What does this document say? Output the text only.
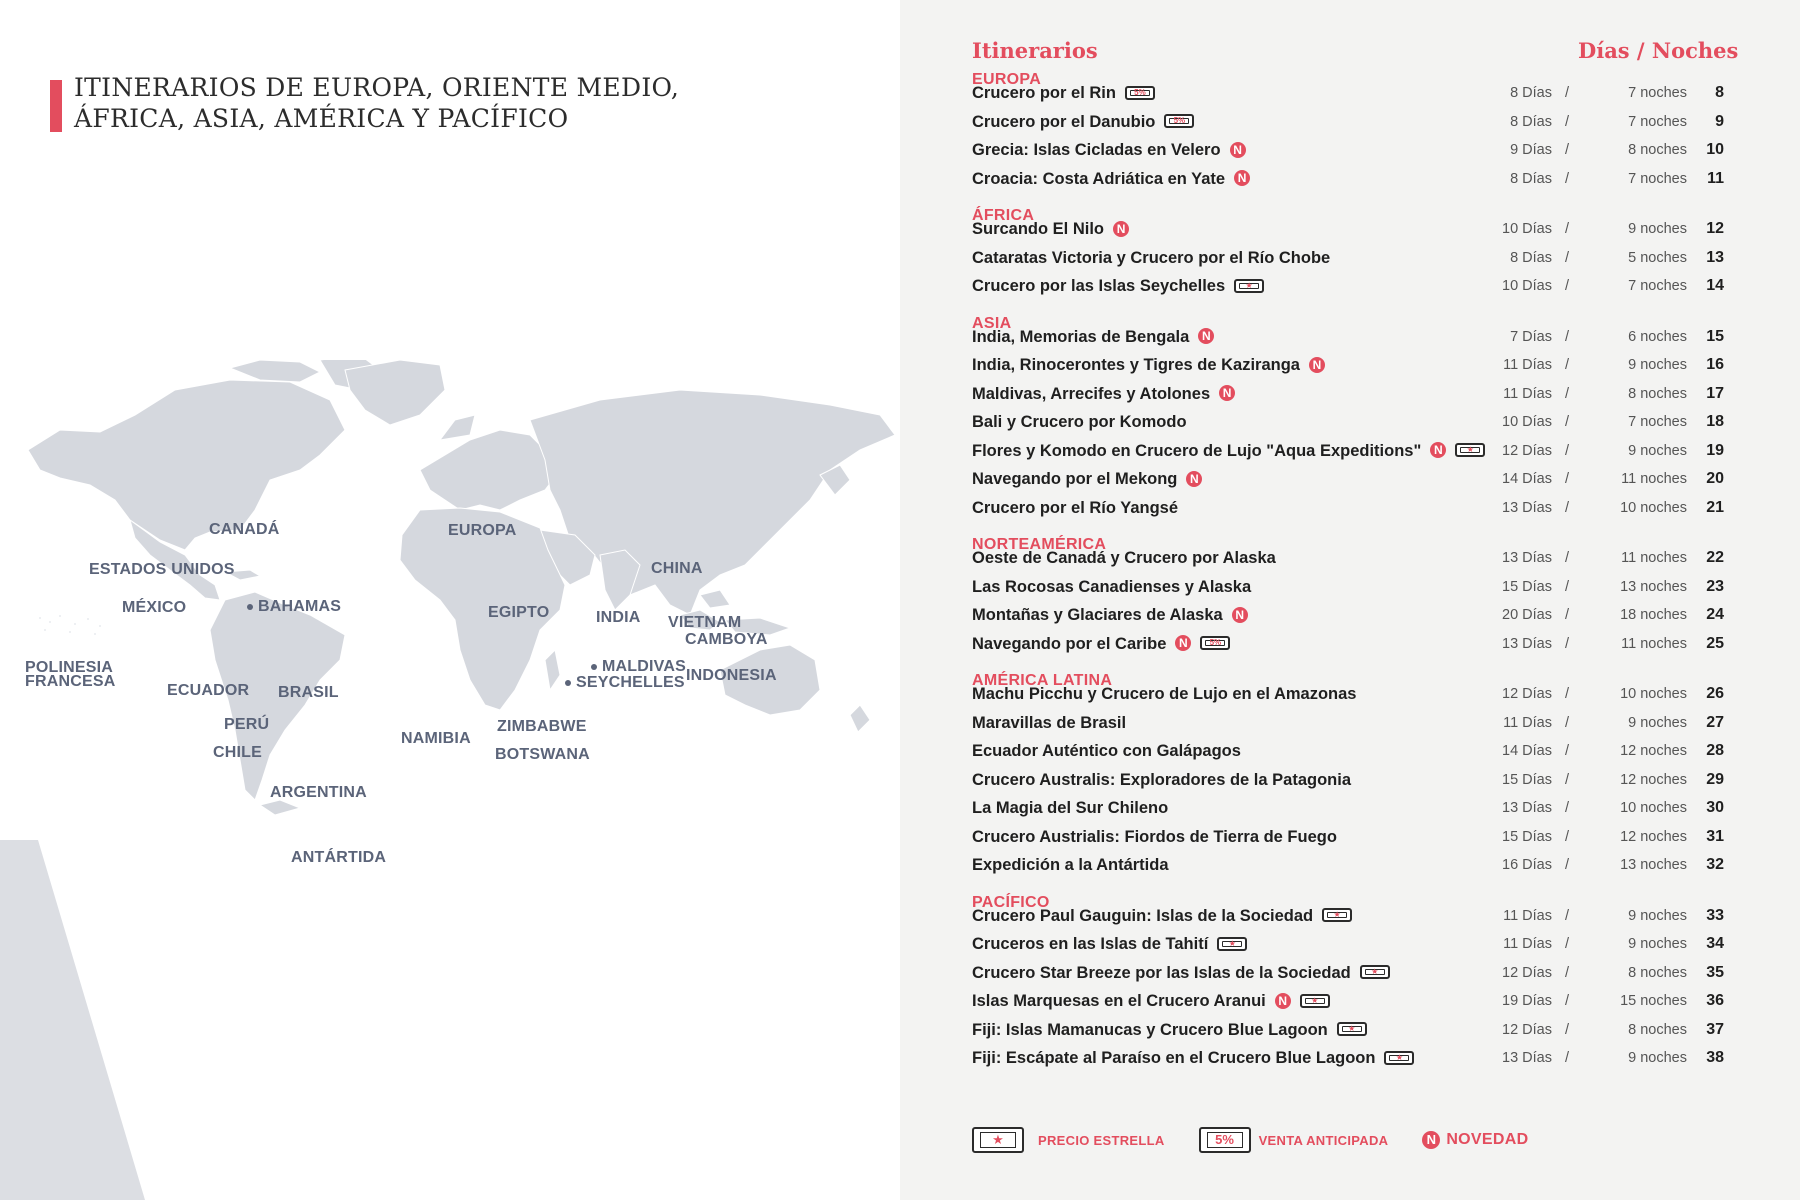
ITINERARIOS DE EUROPA, ORIENTE MEDIO,
ÁFRICA, ASIA, AMÉRICA Y PACÍFICO
CANADÁ
ESTADOS UNIDOS
MÉXICO	BAHAMAS
POLINESIA
FRANCESA
ECUADOR BRASIL
PERÚ
CHILE
ARGENTINA
ANTÁRTIDA
EUROPA
EGIPTO
CHINA
INDIA VIETNAM
CAMBOYA
MALDIVAS
SEYCHELLES INDONESIA
NAMIBIA
ZIMBABWE
BOTSWANA
Itinerarios	Días / Noches
EUROPA
Crucero por el Rin 5%	8 Días /	7 noches	8
Crucero por el Danubio 5%	8 Días /	7 noches	9
Grecia: Islas Cicladas en Velero N	9 Días /	8 noches	10
Croacia: Costa Adriática en Yate N	8 Días /	7 noches	11
ÁFRICA
Surcando El Nilo N	10 Días /	9 noches	12
Cataratas Victoria y Crucero por el Río Chobe	8 Días /	5 noches	13
Crucero por las Islas Seychelles	★	10 Días /	7 noches	14
ASIA
India, Memorias de Bengala N	7 Días /	6 noches	15
India, Rinocerontes y Tigres de Kaziranga N	11 Días /	9 noches	16
Maldivas, Arrecifes y Atolones N	11 Días /	8 noches	17
Bali y Crucero por Komodo	10 Días /	7 noches	18
Flores y Komodo en Crucero de Lujo "Aqua Expeditions" N	★	12 Días /	9 noches	19
Navegando por el Mekong N	14 Días /	11 noches	20
Crucero por el Río Yangsé	13 Días /	10 noches	21
NORTEAMÉRICA
Oeste de Canadá y Crucero por Alaska	13 Días /	11 noches	22
Las Rocosas Canadienses y Alaska	15 Días /	13 noches	23
Montañas y Glaciares de Alaska N	20 Días /	18 noches	24
Navegando por el Caribe N	5%	13 Días /	11 noches	25
AMÉRICA LATINA
Machu Picchu y Crucero de Lujo en el Amazonas	12 Días /	10 noches	26
Maravillas de Brasil	11 Días /	9 noches	27
Ecuador Auténtico con Galápagos	14 Días /	12 noches	28
Crucero Australis: Exploradores de la Patagonia	15 Días /	12 noches	29
La Magia del Sur Chileno	13 Días /	10 noches	30
Crucero Austrialis: Fiordos de Tierra de Fuego	15 Días /	12 noches	31
Expedición a la Antártida	16 Días /	13 noches	32
PACÍFICO
Crucero Paul Gauguin: Islas de la Sociedad	★	11 Días /	9 noches	33
Cruceros en las Islas de Tahití	★	11 Días /	9 noches	34
Crucero Star Breeze por las Islas de la Sociedad	★	12 Días /	8 noches	35
Islas Marquesas en el Crucero Aranui N	★	19 Días /	15 noches	36
Fiji: Islas Mamanucas y Crucero Blue Lagoon	★	12 Días /	8 noches	37
Fiji: Escápate al Paraíso en el Crucero Blue Lagoon	★	13 Días /	9 noches	38
★	PRECIO ESTRELLA	5%	VENTA ANTICIPADA	N NOVEDAD
